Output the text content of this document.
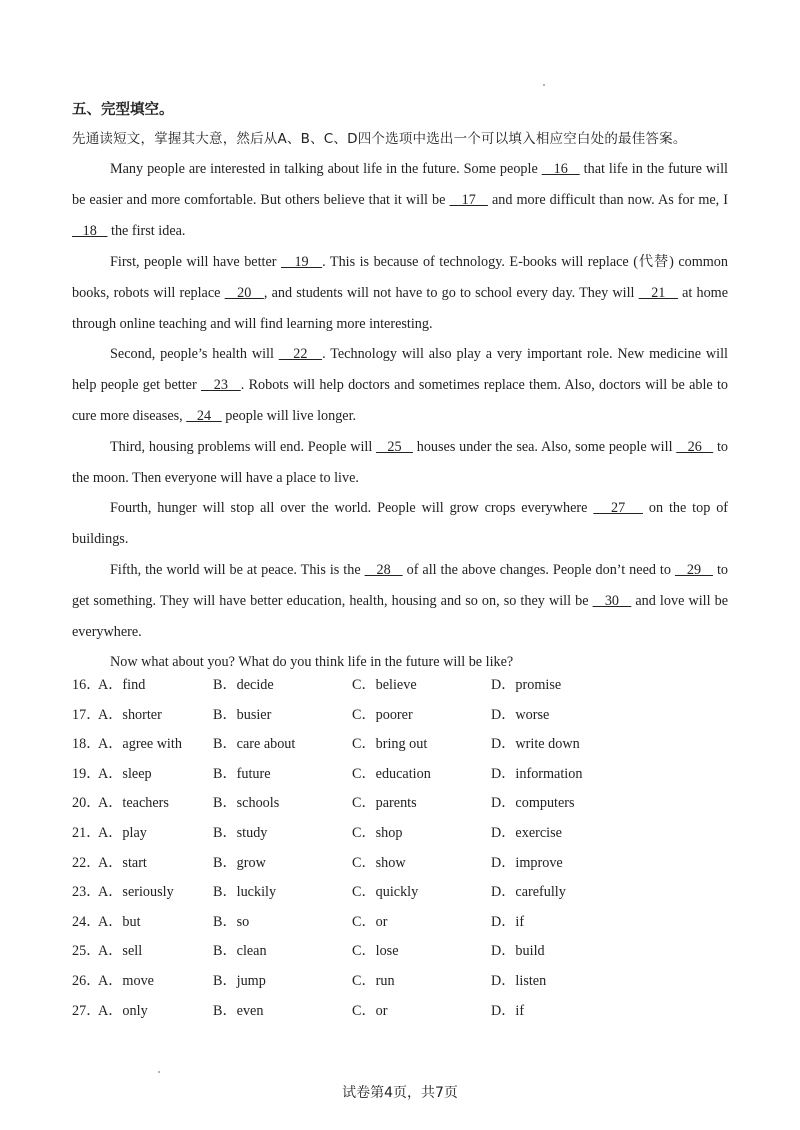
五、完型填空。
先通读短文，掌握其大意，然后从A、B、C、D四个选项中选出一个可以填入相应空白处的最佳答案。

Many people are interested in talking about life in the future. Some people    16    that life in the future will be easier and more comfortable. But others believe that it will be    17    and more difficult than now. As for me, I    18    the first idea.

First, people will have better    19   . This is because of technology. E-books will replace (代替) common books, robots will replace    20   , and students will not have to go to school every day. They will    21    at home through online teaching and will find learning more interesting.

Second, people’s health will    22   . Technology will also play a very important role. New medicine will help people get better    23   . Robots will help doctors and sometimes replace them. Also, doctors will be able to cure more diseases,    24    people will live longer.

Third, housing problems will end. People will    25    houses under the sea. Also, some people will    26    to the moon. Then everyone will have a place to live.

Fourth, hunger will stop all over the world. People will grow crops everywhere    27    on the top of buildings.

Fifth, the world will be at peace. This is the    28    of all the above changes. People don’t need to    29    to get something. They will have better education, health, housing and so on, so they will be    30    and love will be everywhere.

Now what about you? What do you think life in the future will be like?

16．
A．find	B．decide	C．believe	D．promise
17．
A．shorter	B．busier	C．poorer	D．worse
18．
A．agree with B．care about	C．bring out	D．write down
19．
A．sleep	B．future	C．education	D．information
20．
A．teachers	B．schools	C．parents	D．computers
21．
A．play	B．study	C．shop	D．exercise
22．
A．start	B．grow	C．show	D．improve
23．
A．seriously	B．luckily	C．quickly	D．carefully
24．
A．but	B．so	C．or	D．if
25．
A．sell	B．clean	C．lose	D．build
26．
A．move	B．jump	C．run	D．listen
27．
A．only	B．even	C．or	D．if
试卷第4页，共7页
